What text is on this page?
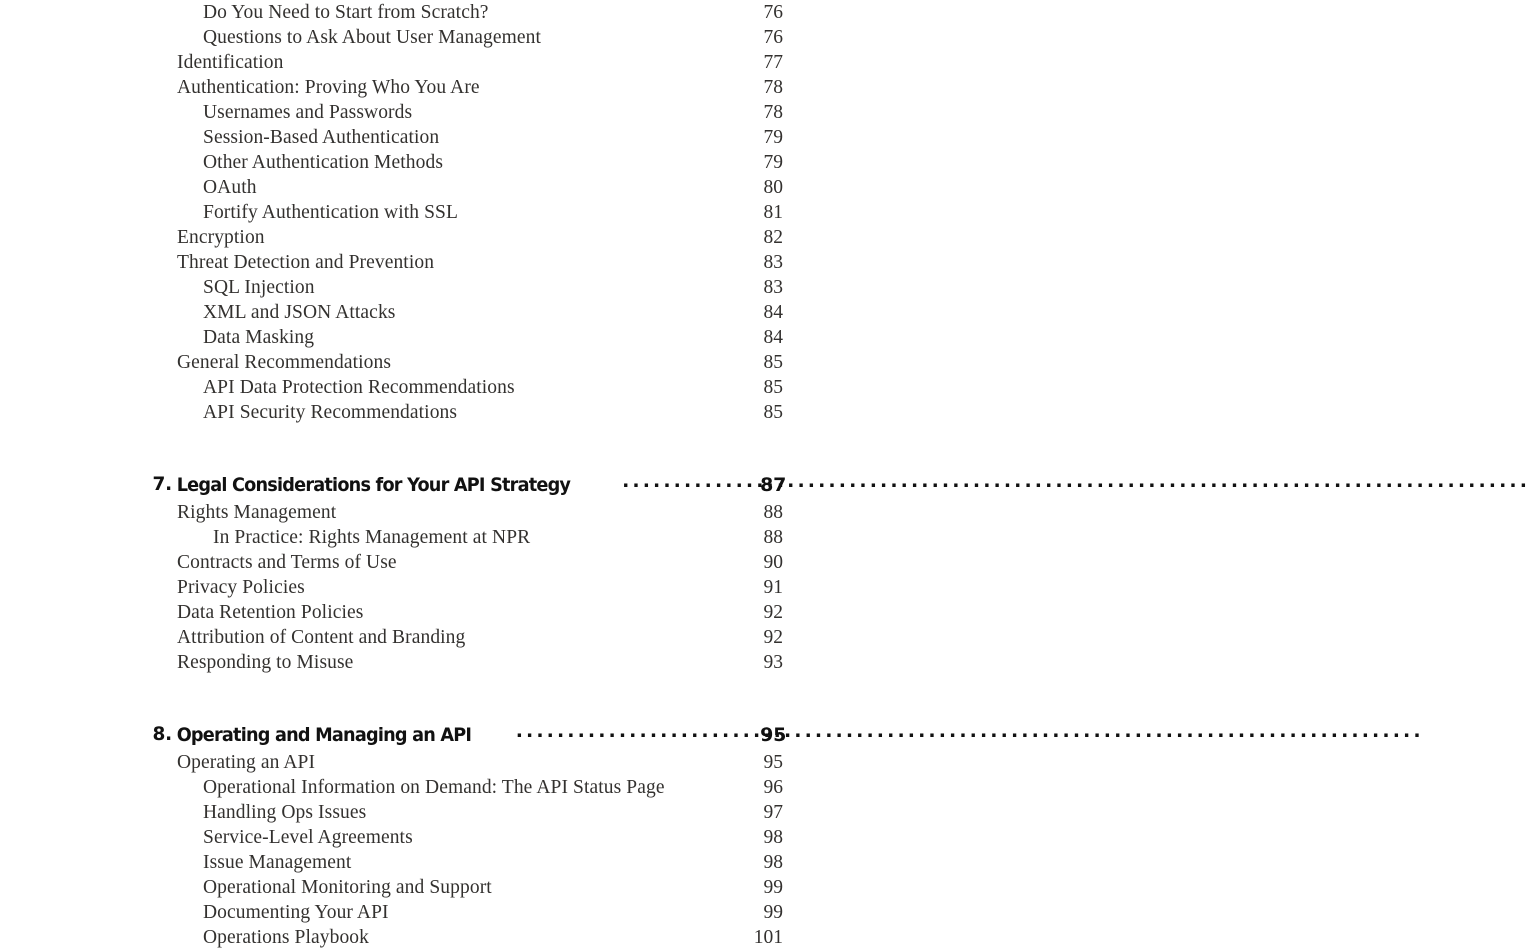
Do You Need to Start from Scratch?	76
Questions to Ask About User Management	76
Identification	77
Authentication: Proving Who You Are	78
Usernames and Passwords	78
Session-Based Authentication	79
Other Authentication Methods	79
OAuth	80
Fortify Authentication with SSL	81
Encryption	82
Threat Detection and Prevention	83
SQL Injection	83
XML and JSON Attacks	84
Data Masking	84
General Recommendations	85
API Data Protection Recommendations	85
API Security Recommendations	85
7. Legal Considerations for Your API Strategy .....	87
Rights Management	88
In Practice: Rights Management at NPR	88
Contracts and Terms of Use	90
Privacy Policies	91
Data Retention Policies	92
Attribution of Content and Branding	92
Responding to Misuse	93
8. Operating and Managing an API .....	95
Operating an API	95
Operational Information on Demand: The API Status Page	96
Handling Ops Issues	97
Service-Level Agreements	98
Issue Management	98
Operational Monitoring and Support	99
Documenting Your API	99
Operations Playbook	101
